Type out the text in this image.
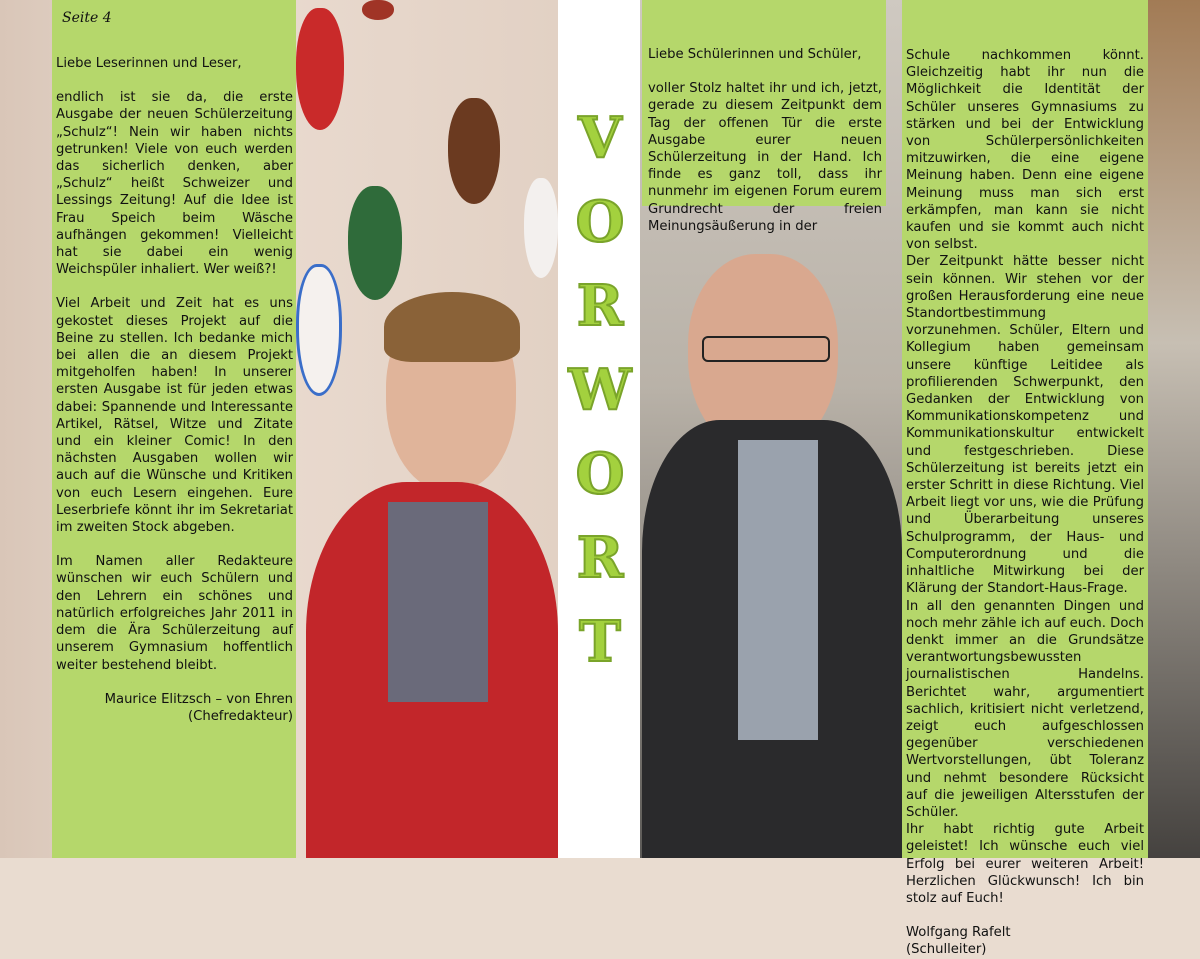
Seite 4

Liebe Leserinnen und Leser,

endlich ist sie da, die erste Ausgabe der neuen Schülerzeitung „Schulz“! Nein wir haben nichts getrunken! Viele von euch werden das sicherlich denken, aber „Schulz“ heißt Schweizer und Lessings Zeitung! Auf die Idee ist Frau Speich beim Wäsche aufhängen gekommen! Vielleicht hat sie dabei ein wenig Weichspüler inhaliert. Wer weiß?!

Viel Arbeit und Zeit hat es uns gekostet dieses Projekt auf die Beine zu stellen. Ich bedanke mich bei allen die an diesem Projekt mitgeholfen haben! In unserer ersten Ausgabe ist für jeden etwas dabei: Spannende und Interessante Artikel, Rätsel, Witze und Zitate und ein kleiner Comic! In den nächsten Ausgaben wollen wir auch auf die Wünsche und Kritiken von euch Lesern eingehen. Eure Leserbriefe könnt ihr im Sekretariat im zweiten Stock abgeben.

Im Namen aller Redakteure wünschen wir euch Schülern und den Lehrern ein schönes und natürlich erfolgreiches Jahr 2011 in dem die Ära Schülerzeitung auf unserem Gymnasium hoffentlich weiter bestehend bleibt.

Maurice Elitzsch – von Ehren

(Chefredakteur)

V
O
R
W
O
R
T

Liebe Schülerinnen und Schüler,

voller Stolz haltet ihr und ich, jetzt, gerade zu diesem Zeitpunkt dem Tag der offenen Tür die erste Ausgabe eurer neuen Schülerzeitung in der Hand. Ich finde es ganz toll, dass ihr nunmehr im eigenen Forum eurem Grundrecht der freien Meinungsäußerung in der

Schule nachkommen könnt. Gleichzeitig habt ihr nun die Möglichkeit die Identität der Schüler unseres Gymnasiums zu stärken und bei der Entwicklung von Schülerpersönlichkeiten mitzuwirken, die eine eigene Meinung haben. Denn eine eigene Meinung muss man sich erst erkämpfen, man kann sie nicht kaufen und sie kommt auch nicht von selbst.

Der Zeitpunkt hätte besser nicht sein können. Wir stehen vor der großen Herausforderung eine neue Standortbestimmung vorzunehmen. Schüler, Eltern und Kollegium haben gemeinsam unsere künftige Leitidee als profilierenden Schwerpunkt, den Gedanken der Entwicklung von Kommunikationskompetenz und Kommunikationskultur entwickelt und festgeschrieben. Diese Schülerzeitung ist bereits jetzt ein erster Schritt in diese Richtung. Viel Arbeit liegt vor uns, wie die Prüfung und Überarbeitung unseres Schulprogramm, der Haus- und Computerordnung und die inhaltliche Mitwirkung bei der Klärung der Standort-Haus-Frage.

In all den genannten Dingen und noch mehr zähle ich auf euch. Doch denkt immer an die Grundsätze verantwortungsbewussten journalistischen Handelns. Berichtet wahr, argumentiert sachlich, kritisiert nicht verletzend, zeigt euch aufgeschlossen gegenüber verschiedenen Wertvorstellungen, übt Toleranz und nehmt besondere Rücksicht auf die jeweiligen Altersstufen der Schüler.

Ihr habt richtig gute Arbeit geleistet! Ich wünsche euch viel Erfolg bei eurer weiteren Arbeit! Herzlichen Glückwunsch! Ich bin stolz auf Euch!

Wolfgang Rafelt

(Schulleiter)
